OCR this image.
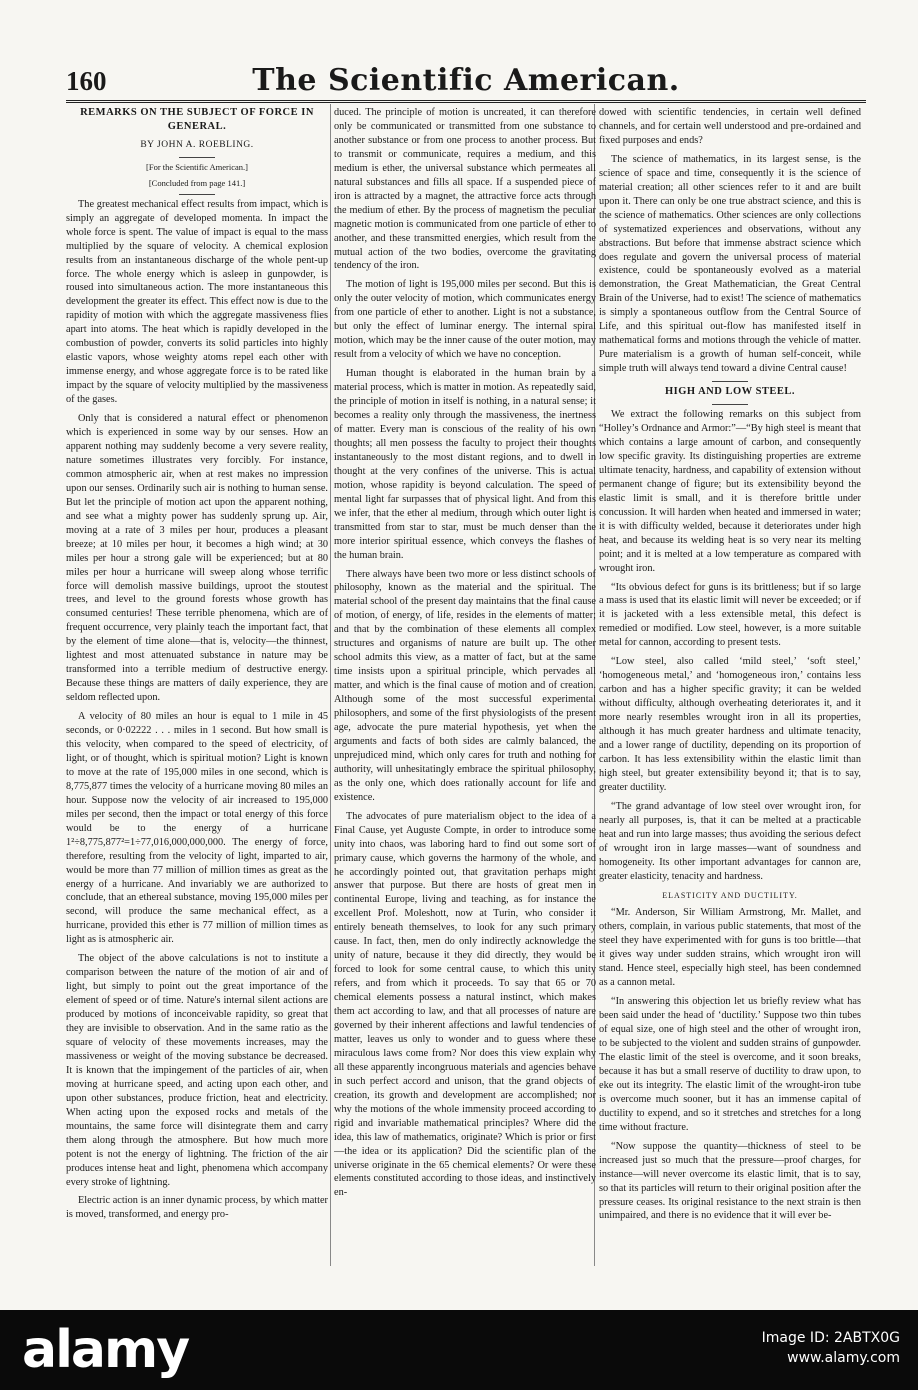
160	The Scientific American.

REMARKS ON THE SUBJECT OF FORCE IN GENERAL.

BY JOHN A. ROEBLING.
[For the Scientific American.]
[Concluded from page 141.]

The greatest mechanical effect results from impact, which is simply an aggregate of developed momenta. In impact the whole force is spent. The value of impact is equal to the mass multiplied by the square of velocity. A chemical explosion results from an instantaneous discharge of the whole pent-up force. The whole energy which is asleep in gunpowder, is roused into simultaneous action. The more instantaneous this development the greater its effect. This effect now is due to the rapidity of motion with which the aggregate massiveness flies apart into atoms. The heat which is rapidly developed in the combustion of powder, converts its solid particles into highly elastic vapors, whose weighty atoms repel each other with immense energy, and whose aggregate force is to be rated like impact by the square of velocity multiplied by the massiveness of the gases.

Only that is considered a natural effect or phenomenon which is experienced in some way by our senses. How an apparent nothing may suddenly become a very severe reality, nature sometimes illustrates very forcibly. For instance, common atmospheric air, when at rest makes no impression upon our senses. Ordinarily such air is nothing to human sense. But let the principle of motion act upon the apparent nothing, and see what a mighty power has suddenly sprung up. Air, moving at a rate of 3 miles per hour, produces a pleasant breeze; at 10 miles per hour, it becomes a high wind; at 30 miles per hour a strong gale will be experienced; but at 80 miles per hour a hurricane will sweep along whose terrific force will demolish massive buildings, uproot the stoutest trees, and level to the ground forests whose growth has consumed centuries! These terrible phenomena, which are of frequent occurrence, very plainly teach the important fact, that by the element of time alone—that is, velocity—the thinnest, lightest and most attenuated substance in nature may be transformed into a terrible medium of destructive energy. Because these things are matters of daily experience, they are seldom reflected upon.

A velocity of 80 miles an hour is equal to 1 mile in 45 seconds, or 0·02222 . . . miles in 1 second. But how small is this velocity, when compared to the speed of electricity, of light, or of thought, which is spiritual motion? Light is known to move at the rate of 195,000 miles in one second, which is 8,775,877 times the velocity of a hurricane moving 80 miles an hour. Suppose now the velocity of air increased to 195,000 miles per second, then the impact or total energy of this force would be to the energy of a hurricane 1²÷8,775,877²=1÷77,016,000,000,000. The energy of force, therefore, resulting from the velocity of light, imparted to air, would be more than 77 million of million times as great as the energy of a hurricane. And invariably we are authorized to conclude, that an ethereal substance, moving 195,000 miles per second, will produce the same mechanical effect, as a hurricane, provided this ether is 77 million of million times as light as is atmospheric air.

The object of the above calculations is not to institute a comparison between the nature of the motion of air and of light, but simply to point out the great importance of the element of speed or of time. Nature's internal silent actions are produced by motions of inconceivable rapidity, so great that they are invisible to observation. And in the same ratio as the square of velocity of these movements increases, may the massiveness or weight of the moving substance be decreased. It is known that the impingement of the particles of air, when moving at hurricane speed, and acting upon each other, and upon other substances, produce friction, heat and electricity. When acting upon the exposed rocks and metals of the mountains, the same force will disintegrate them and carry them along through the atmosphere. But how much more potent is not the energy of lightning. The friction of the air produces intense heat and light, phenomena which accompany every stroke of lightning.

Electric action is an inner dynamic process, by which matter is moved, transformed, and energy pro-

duced. The principle of motion is uncreated, it can therefore only be communicated or transmitted from one substance to another substance or from one process to another process. But to transmit or communicate, requires a medium, and this medium is ether, the universal substance which permeates all natural substances and fills all space. If a suspended piece of iron is attracted by a magnet, the attractive force acts through the medium of ether. By the process of magnetism the peculiar magnetic motion is communicated from one particle of ether to another, and these transmitted energies, which result from the mutual action of the two bodies, overcome the gravitating tendency of the iron.

The motion of light is 195,000 miles per second. But this is only the outer velocity of motion, which communicates energy from one particle of ether to another. Light is not a substance, but only the effect of luminar energy. The internal spiral motion, which may be the inner cause of the outer motion, may result from a velocity of which we have no conception.

Human thought is elaborated in the human brain by a material process, which is matter in motion. As repeatedly said, the principle of motion in itself is nothing, in a natural sense; it becomes a reality only through the massiveness, the inertness of matter. Every man is conscious of the reality of his own thoughts; all men possess the faculty to project their thoughts instantaneously to the most distant regions, and to dwell in thought at the very confines of the universe. This is actual motion, whose rapidity is beyond calculation. The speed of mental light far surpasses that of physical light. And from this we infer, that the ether al medium, through which outer light is transmitted from star to star, must be much denser than the more interior spiritual essence, which conveys the flashes of the human brain.

There always have been two more or less distinct schools of philosophy, known as the material and the spiritual. The material school of the present day maintains that the final cause of motion, of energy, of life, resides in the elements of matter; and that by the combination of these elements all complex structures and organisms of nature are built up. The other school admits this view, as a matter of fact, but at the same time insists upon a spiritual principle, which pervades all matter, and which is the final cause of motion and of creation. Although some of the most successful experimental philosophers, and some of the first physiologists of the present age, advocate the pure material hypothesis, yet when the arguments and facts of both sides are calmly balanced, the unprejudiced mind, which only cares for truth and nothing for authority, will unhesitatingly embrace the spiritual philosophy, as the only one, which does rationally account for life and existence.

The advocates of pure materialism object to the idea of a Final Cause, yet Auguste Compte, in order to introduce some unity into chaos, was laboring hard to find out some sort of primary cause, which governs the harmony of the whole, and he accordingly pointed out, that gravitation perhaps might answer that purpose. But there are hosts of great men in continental Europe, living and teaching, as for instance the excellent Prof. Moleshott, now at Turin, who consider it entirely beneath themselves, to look for any such primary cause. In fact, then, men do only indirectly acknowledge the unity of nature, because it they did directly, they would be forced to look for some central cause, to which this unity refers, and from which it proceeds. To say that 65 or 70 chemical elements possess a natural instinct, which makes them act according to law, and that all processes of nature are governed by their inherent affections and lawful tendencies of matter, leaves us only to wonder and to guess where these miraculous laws come from? Nor does this view explain why all these apparently incongruous materials and agencies behave in such perfect accord and unison, that the grand objects of creation, its growth and development are accomplished; nor why the motions of the whole immensity proceed according to rigid and invariable mathematical principles? Where did the idea, this law of mathematics, originate? Which is prior or first—the idea or its application? Did the scientific plan of the universe originate in the 65 chemical elements? Or were these elements constituted according to those ideas, and instinctively en-

dowed with scientific tendencies, in certain well defined channels, and for certain well understood and pre-ordained and fixed purposes and ends?

The science of mathematics, in its largest sense, is the science of space and time, consequently it is the science of material creation; all other sciences refer to it and are built upon it. There can only be one true abstract science, and this is the science of mathematics. Other sciences are only collections of systematized experiences and observations, without any abstractions. But before that immense abstract science which does regulate and govern the universal process of material existence, could be spontaneously evolved as a material demonstration, the Great Mathematician, the Great Central Brain of the Universe, had to exist! The science of mathematics is simply a spontaneous outflow from the Central Source of Life, and this spiritual out-flow has manifested itself in mathematical forms and motions through the vehicle of matter. Pure materialism is a growth of human self-conceit, while simple truth will always tend toward a divine Central cause!

HIGH AND LOW STEEL.

We extract the following remarks on this subject from “Holley’s Ordnance and Armor:”—“By high steel is meant that which contains a large amount of carbon, and consequently low specific gravity. Its distinguishing properties are extreme ultimate tenacity, hardness, and capability of extension without permanent change of figure; but its extensibility beyond the elastic limit is small, and it is therefore brittle under concussion. It will harden when heated and immersed in water; it is with difficulty welded, because it deteriorates under high heat, and because its welding heat is so very near its melting point; and it is melted at a low temperature as compared with wrought iron.

“Its obvious defect for guns is its brittleness; but if so large a mass is used that its elastic limit will never be exceeded; or if it is jacketed with a less extensible metal, this defect is remedied or modified. Low steel, however, is a more suitable metal for cannon, according to present tests.

“Low steel, also called ‘mild steel,’ ‘soft steel,’ ‘homogeneous metal,’ and ‘homogeneous iron,’ contains less carbon and has a higher specific gravity; it can be welded without difficulty, although overheating deteriorates it, and it more nearly resembles wrought iron in all its properties, although it has much greater hardness and ultimate tenacity, and a lower range of ductility, depending on its proportion of carbon. It has less extensibility within the elastic limit than high steel, but greater extensibility beyond it; that is to say, greater ductility.

“The grand advantage of low steel over wrought iron, for nearly all purposes, is, that it can be melted at a practicable heat and run into large masses; thus avoiding the serious defect of wrought iron in large masses—want of soundness and homogeneity. Its other important advantages for cannon are, greater elasticity, tenacity and hardness.

ELASTICITY AND DUCTILITY.

“Mr. Anderson, Sir William Armstrong, Mr. Mallet, and others, complain, in various public statements, that most of the steel they have experimented with for guns is too brittle—that it gives way under sudden strains, which wrought iron will stand. Hence steel, especially high steel, has been condemned as a cannon metal.

“In answering this objection let us briefly review what has been said under the head of ‘ductility.’ Suppose two thin tubes of equal size, one of high steel and the other of wrought iron, to be subjected to the violent and sudden strains of gunpowder. The elastic limit of the steel is overcome, and it soon breaks, because it has but a small reserve of ductility to draw upon, to eke out its integrity. The elastic limit of the wrought-iron tube is overcome much sooner, but it has an immense capital of ductility to expend, and so it stretches and stretches for a long time without fracture.

“Now suppose the quantity—thickness of steel to be increased just so much that the pressure—proof charges, for instance—will never overcome its elastic limit, that is to say, so that its particles will return to their original position after the pressure ceases. Its original resistance to the next strain is then unimpaired, and there is no evidence that it will ever be-

alamy	Image ID: 2ABTX0G
www.alamy.com
